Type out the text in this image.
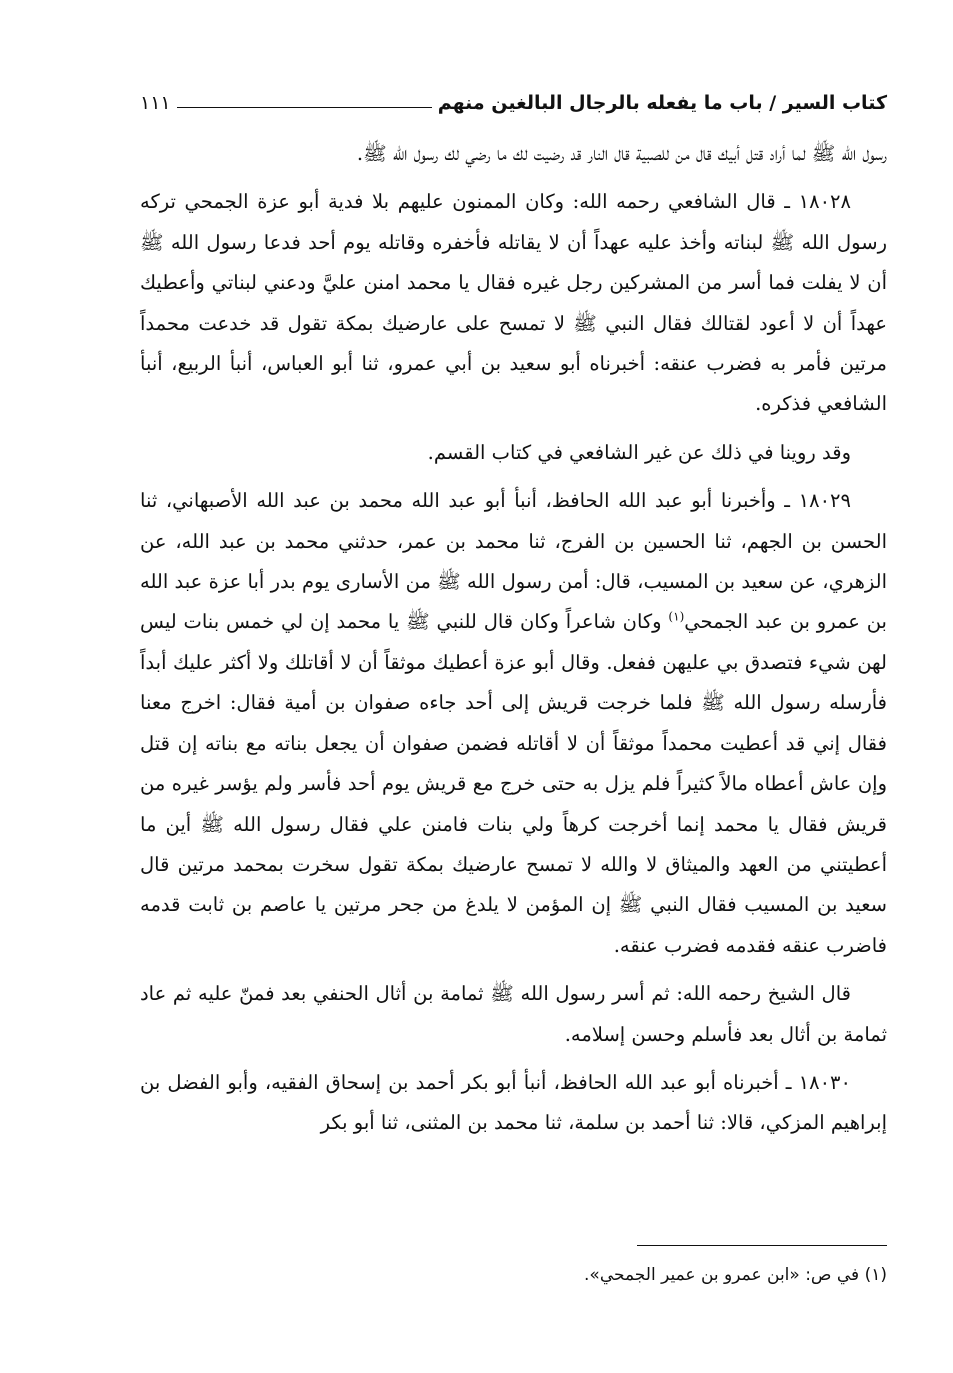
كتاب السير / باب ما يفعله بالرجال البالغين منهم
١١١

رسول الله ﷺ لما أراد قتل أبيك قال من للصبية قال النار قد رضيت لك ما رضي لك رسول الله ﷺ.

١٨٠٢٨ ـ قال الشافعي رحمه الله: وكان الممنون عليهم بلا فدية أبو عزة الجمحي تركه رسول الله ﷺ لبناته وأخذ عليه عهداً أن لا يقاتله فأخفره وقاتله يوم أحد فدعا رسول الله ﷺ أن لا يفلت فما أسر من المشركين رجل غيره فقال يا محمد امنن عليَّ ودعني لبناتي وأعطيك عهداً أن لا أعود لقتالك فقال النبي ﷺ لا تمسح على عارضيك بمكة تقول قد خدعت محمداً مرتين فأمر به فضرب عنقه: أخبرناه أبو سعيد بن أبي عمرو، ثنا أبو العباس، أنبأ الربيع، أنبأ الشافعي فذكره.

وقد روينا في ذلك عن غير الشافعي في كتاب القسم.

١٨٠٢٩ ـ وأخبرنا أبو عبد الله الحافظ، أنبأ أبو عبد الله محمد بن عبد الله الأصبهاني، ثنا الحسن بن الجهم، ثنا الحسين بن الفرج، ثنا محمد بن عمر، حدثني محمد بن عبد الله، عن الزهري، عن سعيد بن المسيب، قال: أمن رسول الله ﷺ من الأسارى يوم بدر أبا عزة عبد الله بن عمرو بن عبد الجمحي$^{(١)}$ وكان شاعراً وكان قال للنبي ﷺ يا محمد إن لي خمس بنات ليس لهن شيء فتصدق بي عليهن ففعل. وقال أبو عزة أعطيك موثقاً أن لا أقاتلك ولا أكثر عليك أبداً فأرسله رسول الله ﷺ فلما خرجت قريش إلى أحد جاءه صفوان بن أمية فقال: اخرج معنا فقال إني قد أعطيت محمداً موثقاً أن لا أقاتله فضمن صفوان أن يجعل بناته مع بناته إن قتل وإن عاش أعطاه مالاً كثيراً فلم يزل به حتى خرج مع قريش يوم أحد فأسر ولم يؤسر غيره من قريش فقال يا محمد إنما أخرجت كرهاً ولي بنات فامنن علي فقال رسول الله ﷺ أين ما أعطيتني من العهد والميثاق لا والله لا تمسح عارضيك بمكة تقول سخرت بمحمد مرتين قال سعيد بن المسيب فقال النبي ﷺ إن المؤمن لا يلدغ من جحر مرتين يا عاصم بن ثابت قدمه فاضرب عنقه فقدمه فضرب عنقه.

قال الشيخ رحمه الله: ثم أسر رسول الله ﷺ ثمامة بن أثال الحنفي بعد فمنّ عليه ثم عاد ثمامة بن أثال بعد فأسلم وحسن إسلامه.

١٨٠٣٠ ـ أخبرناه أبو عبد الله الحافظ، أنبأ أبو بكر أحمد بن إسحاق الفقيه، وأبو الفضل بن إبراهيم المزكي، قالا: ثنا أحمد بن سلمة، ثنا محمد بن المثنى، ثنا أبو بكر

(١) في ص: «ابن عمرو بن عمير الجمحي».
